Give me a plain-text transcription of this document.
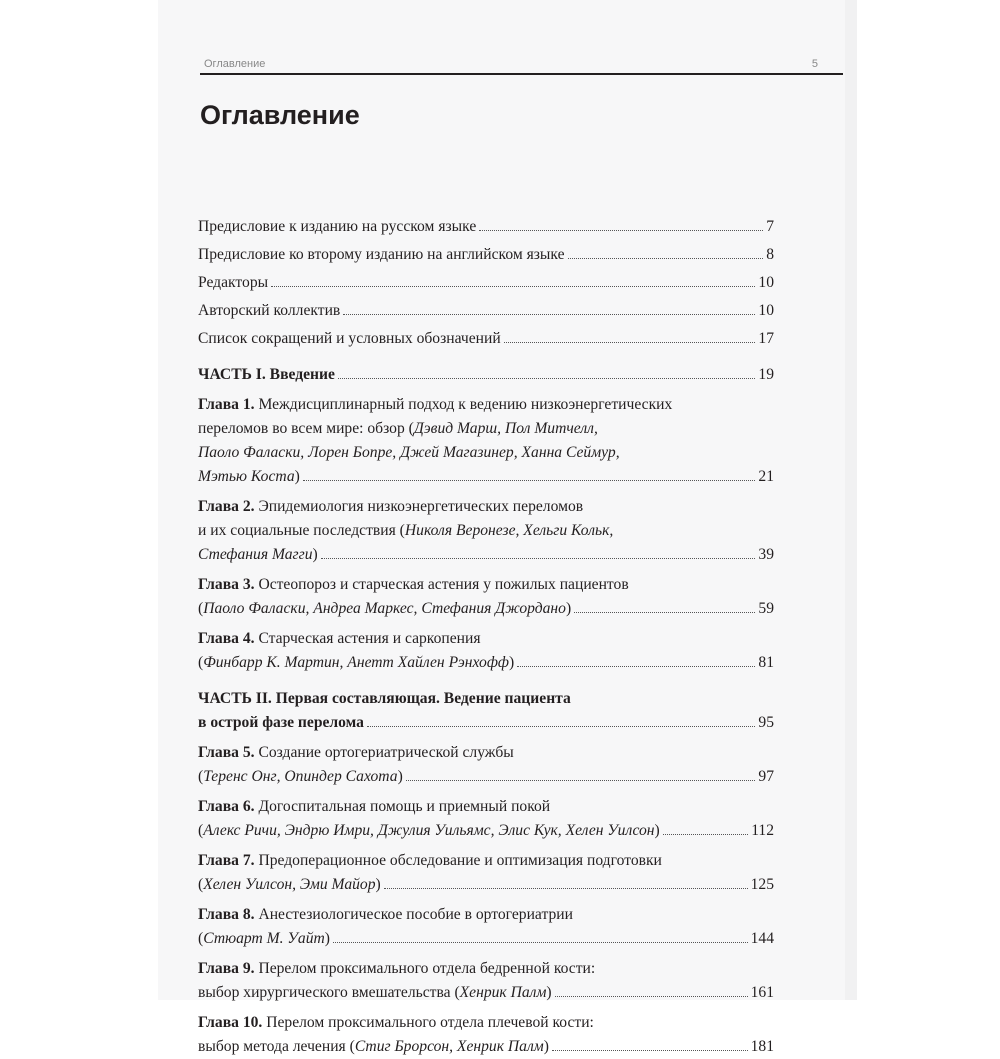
Оглавление	5
Оглавление
Предисловие к изданию на русском языке	7
Предисловие ко второму изданию на английском языке	8
Редакторы	10
Авторский коллектив	10
Список сокращений и условных обозначений	17
ЧАСТЬ I. Введение	19
Глава 1. Междисциплинарный подход к ведению низкоэнергетических
переломов во всем мире: обзор (Дэвид Марш, Пол Митчелл,
Паоло Фаласки, Лорен Бопре, Джей Магазинер, Ханна Сеймур,
Мэтью Коста)	21
Глава 2. Эпидемиология низкоэнергетических переломов
и их социальные последствия (Николя Веронезе, Хельги Кольк,
Стефания Магги)	39
Глава 3. Остеопороз и старческая астения у пожилых пациентов
(Паоло Фаласки, Андреа Маркес, Стефания Джордано)	59
Глава 4. Старческая астения и саркопения
(Финбарр К. Мартин, Анетт Хайлен Рэнхофф)	81
ЧАСТЬ II. Первая составляющая. Ведение пациента
в острой фазе перелома	95
Глава 5. Создание ортогериатрической службы
(Теренс Онг, Опиндер Сахота)	97
Глава 6. Догоспитальная помощь и приемный покой
(Алекс Ричи, Эндрю Имри, Джулия Уильямс, Элис Кук, Хелен Уилсон)	112
Глава 7. Предоперационное обследование и оптимизация подготовки
(Хелен Уилсон, Эми Майор)	125
Глава 8. Анестезиологическое пособие в ортогериатрии
(Стюарт М. Уайт)	144
Глава 9. Перелом проксимального отдела бедренной кости:
выбор хирургического вмешательства (Хенрик Палм)	161
Глава 10. Перелом проксимального отдела плечевой кости:
выбор метода лечения (Стиг Брорсон, Хенрик Палм)	181
